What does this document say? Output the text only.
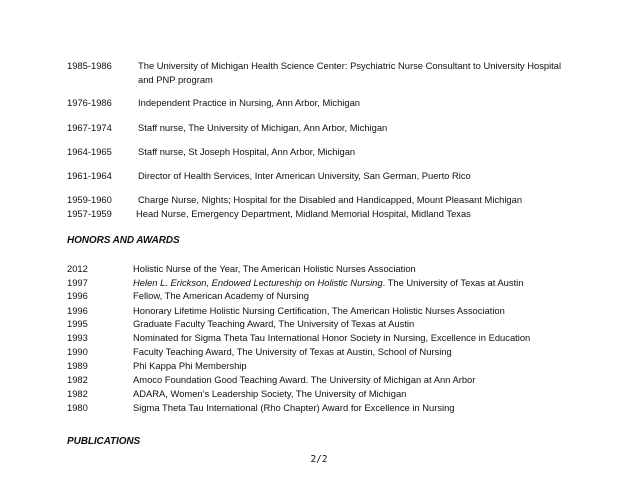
1985-1986	The University of Michigan Health Science Center: Psychiatric Nurse Consultant to University Hospital
and PNP program
1976-1986	Independent Practice in Nursing, Ann Arbor, Michigan
1967-1974	Staff nurse, The University of Michigan, Ann Arbor, Michigan
1964-1965	Staff nurse, St Joseph Hospital, Ann Arbor, Michigan
1961-1964	Director of Health Services, Inter American University, San German, Puerto Rico
1959-1960	Charge Nurse, Nights; Hospital for the Disabled and Handicapped, Mount Pleasant Michigan
1957-1959	Head Nurse, Emergency Department, Midland Memorial Hospital, Midland Texas
HONORS AND AWARDS
2012	Holistic Nurse of the Year, The American Holistic Nurses Association
1997	Helen L. Erickson, Endowed Lectureship on Holistic Nursing. The University of Texas at Austin
1996	Fellow, The American Academy of Nursing
1996	Honorary Lifetime Holistic Nursing Certification, The American Holistic Nurses Association
1995	Graduate Faculty Teaching Award, The University of Texas at Austin
1993	Nominated for Sigma Theta Tau International Honor Society in Nursing, Excellence in Education
1990	Faculty Teaching Award, The University of Texas at Austin, School of Nursing
1989	Phi Kappa Phi Membership
1982	Amoco Foundation Good Teaching Award. The University of Michigan at Ann Arbor
1982	ADARA, Women’s Leadership Society, The University of Michigan
1980	Sigma Theta Tau International (Rho Chapter) Award for Excellence in Nursing
PUBLICATIONS
2/2
